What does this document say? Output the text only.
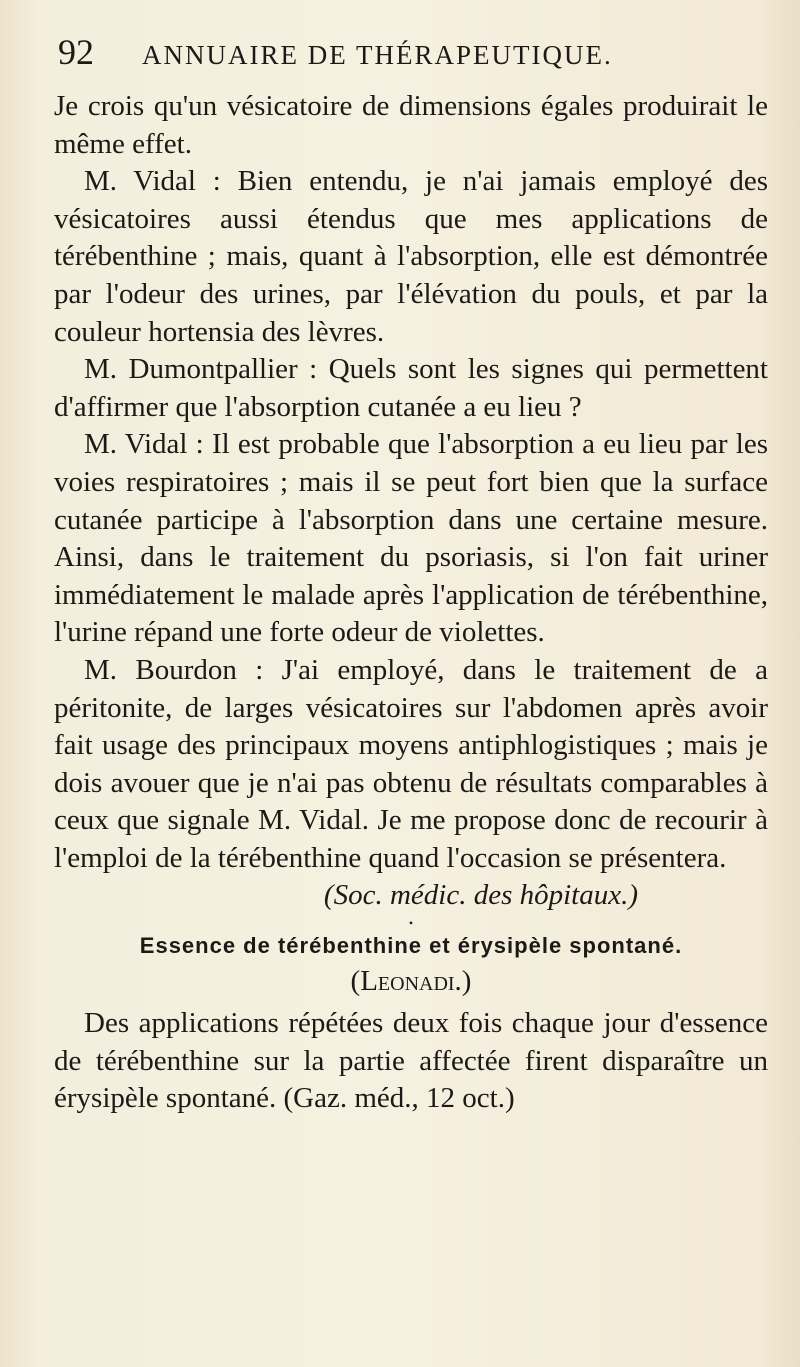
92 ANNUAIRE DE THÉRAPEUTIQUE.

Je crois qu'un vésicatoire de dimensions égales produirait le même effet.

M. Vidal : Bien entendu, je n'ai jamais employé des vésicatoires aussi étendus que mes applications de térébenthine ; mais, quant à l'absorption, elle est démontrée par l'odeur des urines, par l'élévation du pouls, et par la couleur hortensia des lèvres.

M. Dumontpallier : Quels sont les signes qui permettent d'affirmer que l'absorption cutanée a eu lieu ?

M. Vidal : Il est probable que l'absorption a eu lieu par les voies respiratoires ; mais il se peut fort bien que la surface cutanée participe à l'absorption dans une certaine mesure. Ainsi, dans le traitement du psoriasis, si l'on fait uriner immédiatement le malade après l'application de térébenthine, l'urine répand une forte odeur de violettes.

M. Bourdon : J'ai employé, dans le traitement de a péritonite, de larges vésicatoires sur l'abdomen après avoir fait usage des principaux moyens antiphlogistiques ; mais je dois avouer que je n'ai pas obtenu de résultats comparables à ceux que signale M. Vidal. Je me propose donc de recourir à l'emploi de la térébenthine quand l'occasion se présentera.

(Soc. médic. des hôpitaux.)

•

Essence de térébenthine et érysipèle spontané.

(Leonadi.)

Des applications répétées deux fois chaque jour d'essence de térébenthine sur la partie affectée firent disparaître un érysipèle spontané. (Gaz. méd., 12 oct.)
